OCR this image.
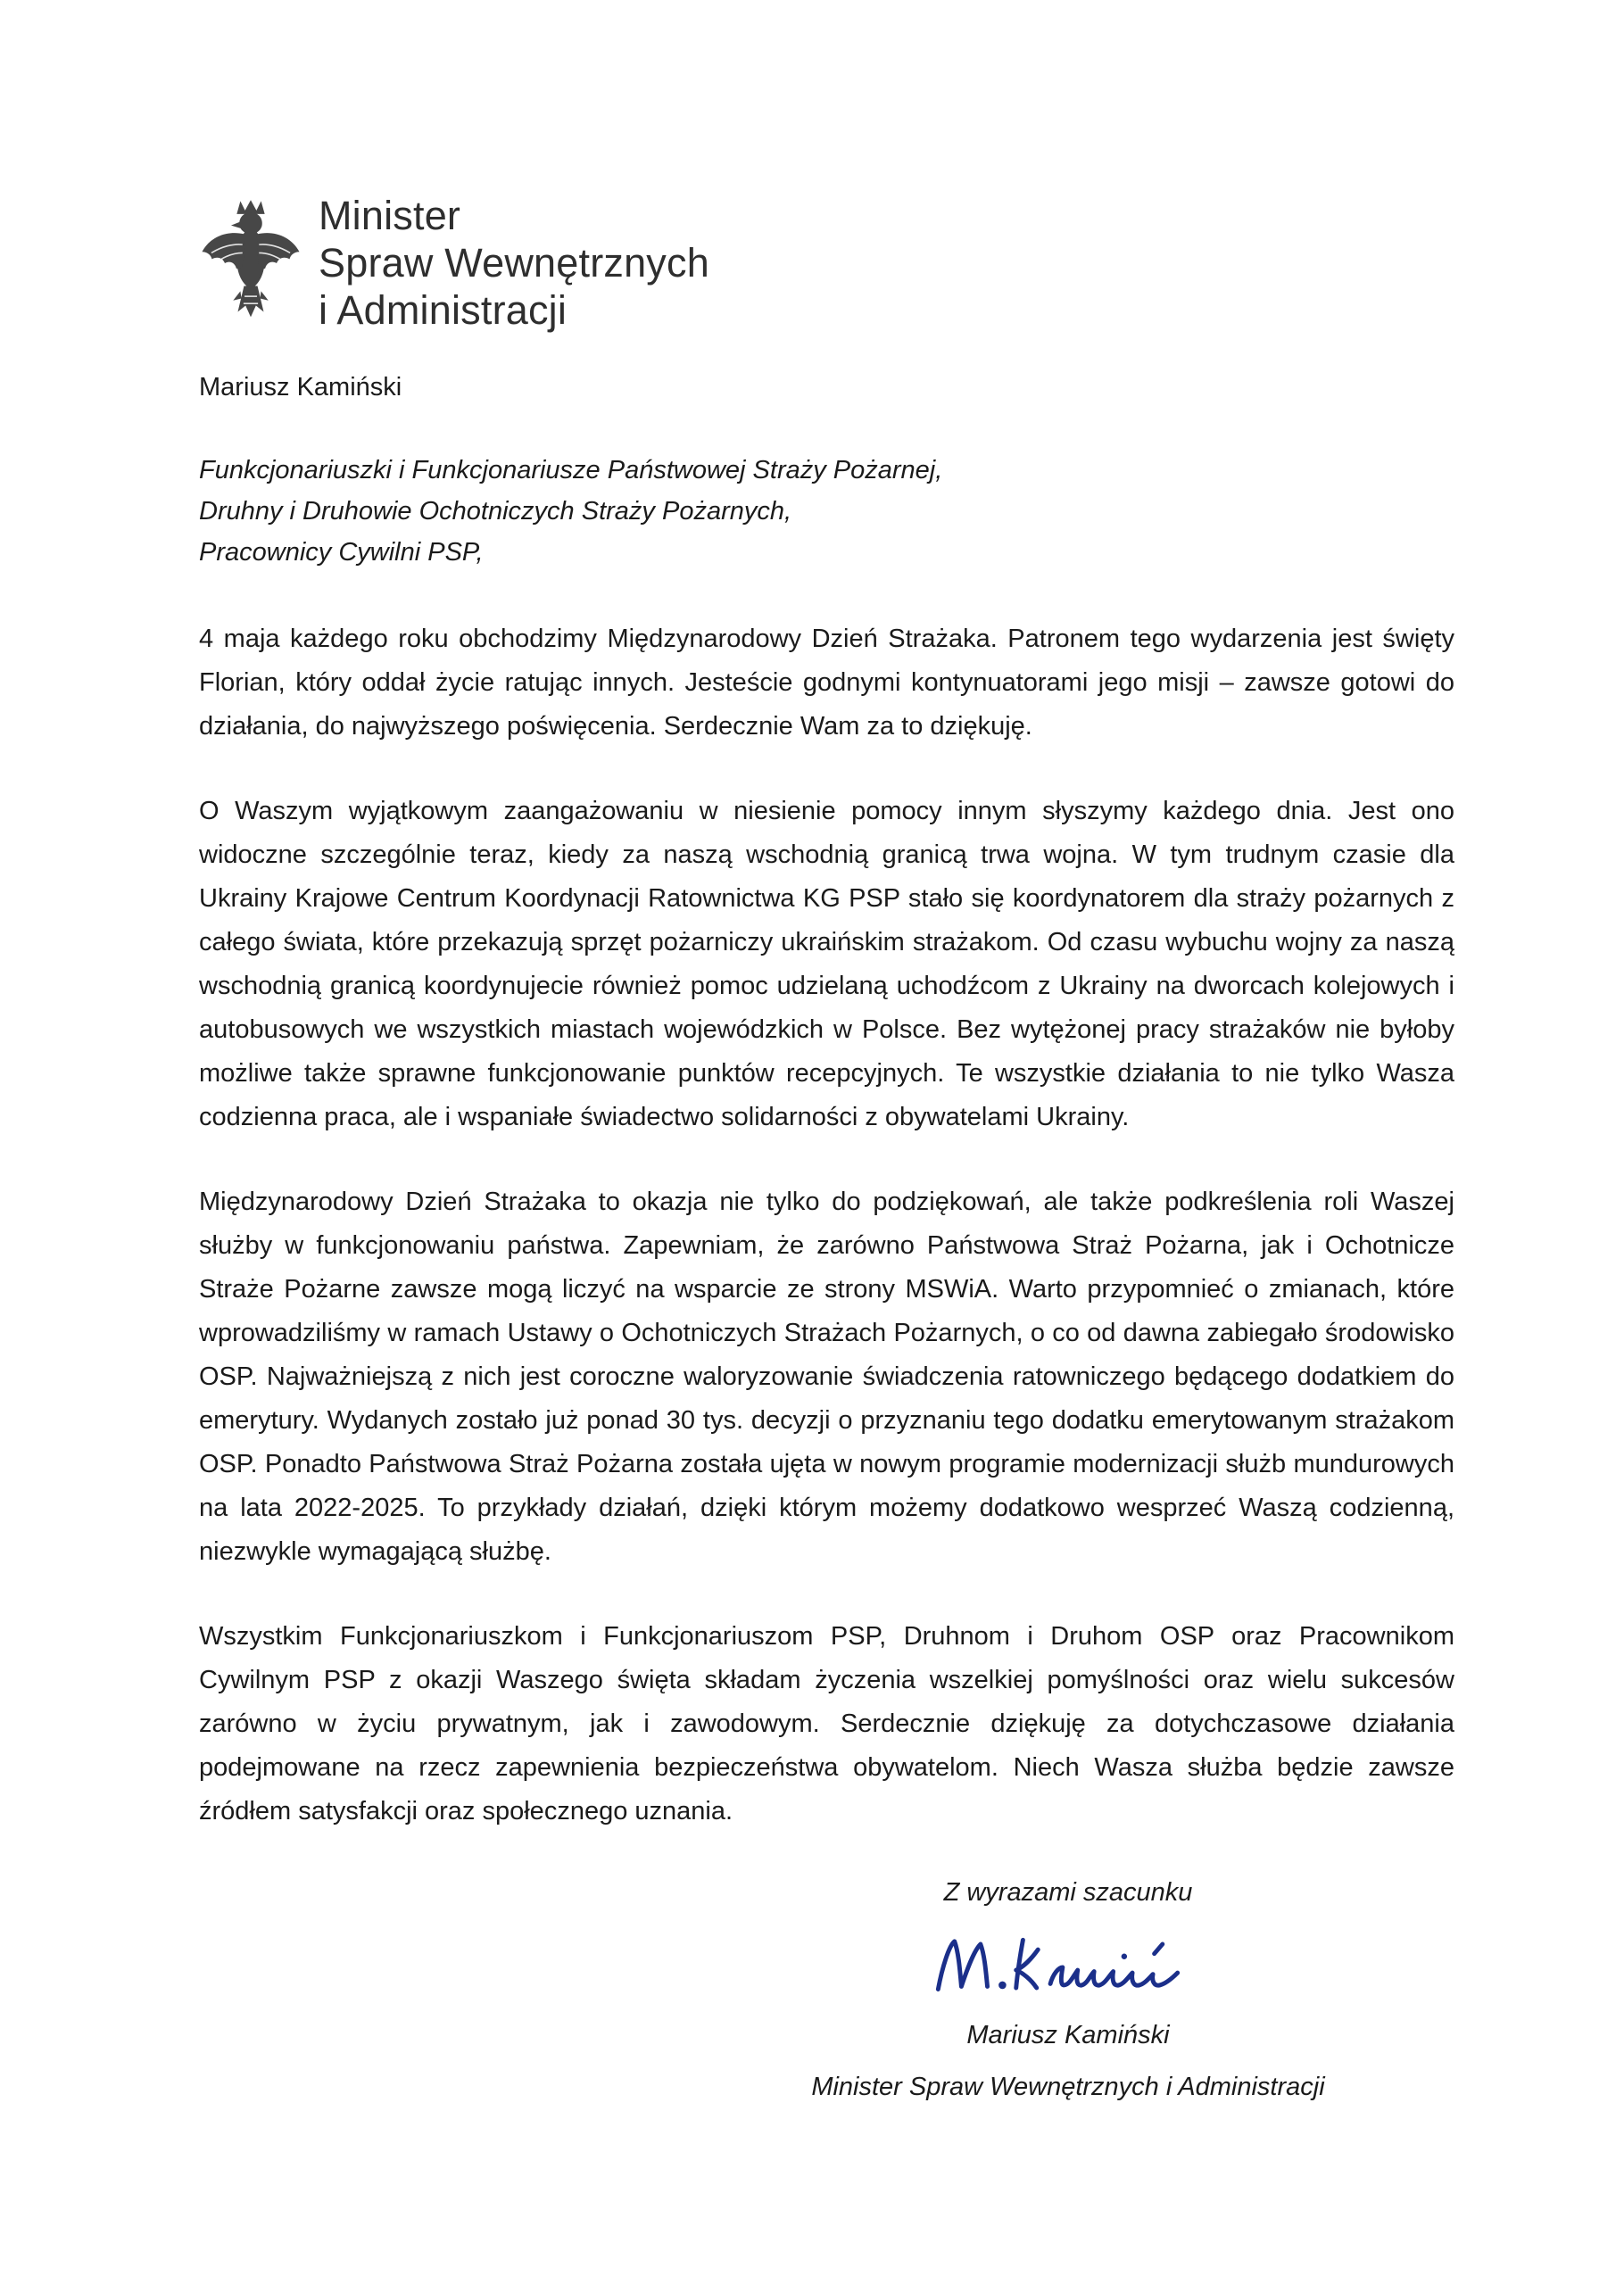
Minister
Spraw Wewnętrznych
i Administracji
Mariusz Kamiński
Funkcjonariuszki i Funkcjonariusze Państwowej Straży Pożarnej,
Druhny i Druhowie Ochotniczych Straży Pożarnych,
Pracownicy Cywilni PSP,

4 maja każdego roku obchodzimy Międzynarodowy Dzień Strażaka. Patronem tego wydarzenia jest święty Florian, który oddał życie ratując innych. Jesteście godnymi kontynuatorami jego misji – zawsze gotowi do działania, do najwyższego poświęcenia. Serdecznie Wam za to dziękuję.

O Waszym wyjątkowym zaangażowaniu w niesienie pomocy innym słyszymy każdego dnia. Jest ono widoczne szczególnie teraz, kiedy za naszą wschodnią granicą trwa wojna. W tym trudnym czasie dla Ukrainy Krajowe Centrum Koordynacji Ratownictwa KG PSP stało się koordynatorem dla straży pożarnych z całego świata, które przekazują sprzęt pożarniczy ukraińskim strażakom. Od czasu wybuchu wojny za naszą wschodnią granicą koordynujecie również pomoc udzielaną uchodźcom z Ukrainy na dworcach kolejowych i autobusowych we wszystkich miastach wojewódzkich w Polsce. Bez wytężonej pracy strażaków nie byłoby możliwe także sprawne funkcjonowanie punktów recepcyjnych. Te wszystkie działania to nie tylko Wasza codzienna praca, ale i wspaniałe świadectwo solidarności z obywatelami Ukrainy.

Międzynarodowy Dzień Strażaka to okazja nie tylko do podziękowań, ale także podkreślenia roli Waszej służby w funkcjonowaniu państwa. Zapewniam, że zarówno Państwowa Straż Pożarna, jak i Ochotnicze Straże Pożarne zawsze mogą liczyć na wsparcie ze strony MSWiA. Warto przypomnieć o zmianach, które wprowadziliśmy w ramach Ustawy o Ochotniczych Strażach Pożarnych, o co od dawna zabiegało środowisko OSP. Najważniejszą z nich jest coroczne waloryzowanie świadczenia ratowniczego będącego dodatkiem do emerytury. Wydanych zostało już ponad 30 tys. decyzji o przyznaniu tego dodatku emerytowanym strażakom OSP. Ponadto Państwowa Straż Pożarna została ujęta w nowym programie modernizacji służb mundurowych na lata 2022-2025. To przykłady działań, dzięki którym możemy dodatkowo wesprzeć Waszą codzienną, niezwykle wymagającą służbę.

Wszystkim Funkcjonariuszkom i Funkcjonariuszom PSP, Druhnom i Druhom OSP oraz Pracownikom Cywilnym PSP z okazji Waszego święta składam życzenia wszelkiej pomyślności oraz wielu sukcesów zarówno w życiu prywatnym, jak i zawodowym. Serdecznie dziękuję za dotychczasowe działania podejmowane na rzecz zapewnienia bezpieczeństwa obywatelom. Niech Wasza służba będzie zawsze źródłem satysfakcji oraz społecznego uznania.

Z wyrazami szacunku
Mariusz Kamiński
Minister Spraw Wewnętrznych i Administracji
